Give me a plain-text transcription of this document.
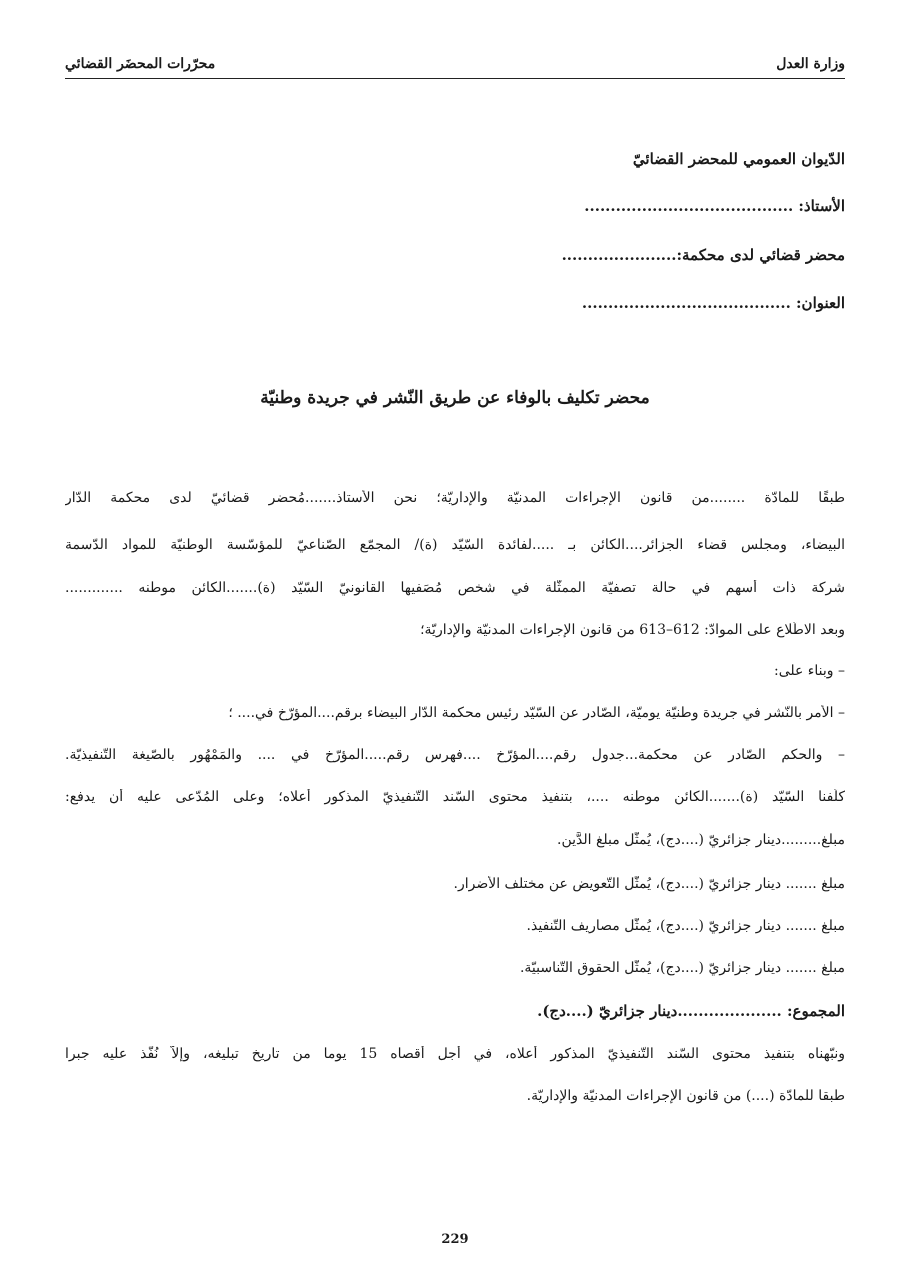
وزارة العدل
محرّرات المحضَر القضائي
الدّيوان العمومي للمحضر القضائيّ
الأستاذ: ........................................
محضر قضائي لدى محكمة:......................
العنوان: ........................................
محضر تكليف بالوفاء عن طريق النّشر في جريدة وطنيّة
طبقًا للمادّة ........من قانون الإجراءات المدنيّة والإداريّة؛ نحن الأستاذ.......مُحضر قضائيّ لدى محكمة الدّار
البيضاء، ومجلس قضاء الجزائر....الكائن بـ .....لفائدة السّيّد (ة)/ المجمّع الصّناعيّ للمؤسّسة الوطنيّة للمواد الدّسمة
شركة ذات أسهم في حالة تصفيّة الممثّلة في شخص مُصَفيها القانونيّ السّيّد (ة).......الكائن موطنه .............
وبعد الاطّلاع على الموادّ: 612–613 من قانون الإجراءات المدنيّة والإداريّة؛
– وبناء على:
– الأمر بالنّشر في جريدة وطنيّة يوميّة، الصّادر عن السّيّد رئيس محكمة الدّار البيضاء برقم....المؤرّخ في.... ؛
– والحكم الصّادر عن محكمة...جدول رقم....المؤرّخ ....فهرس رقم.....المؤرّخ في .... والمَمْهُور بالصّيغة التّنفيذيّة.
كلّفنا السّيّد (ة).......الكائن موطنه ....، بتنفيذ محتوى السّند التّنفيذيّ المذكور أعلاه؛ وعلى المُدّعى عليه أن يدفع:
مبلغ.........دينار جزائريّ (....دج)، يُمثّل مبلغ الدَّين.
مبلغ ....... دينار جزائريّ (....دج)، يُمثّل التّعويض عن مختلف الأضرار.
مبلغ ....... دينار جزائريّ (....دج)، يُمثّل مصاريف التّنفيذ.
مبلغ ....... دينار جزائريّ (....دج)، يُمثّل الحقوق التّناسبيّة.
المجموع: ....................دينار جزائريّ (....دج).
ونبّهناه بتنفيذ محتوى السّند التّنفيذيّ المذكور أعلاه، في أجل أقصاه 15 يوما من تاريخ تبليغه، وإلاّ نُفّذ عليه جبرا
طبقا للمادّة (....) من قانون الإجراءات المدنيّة والإداريّة.
229
